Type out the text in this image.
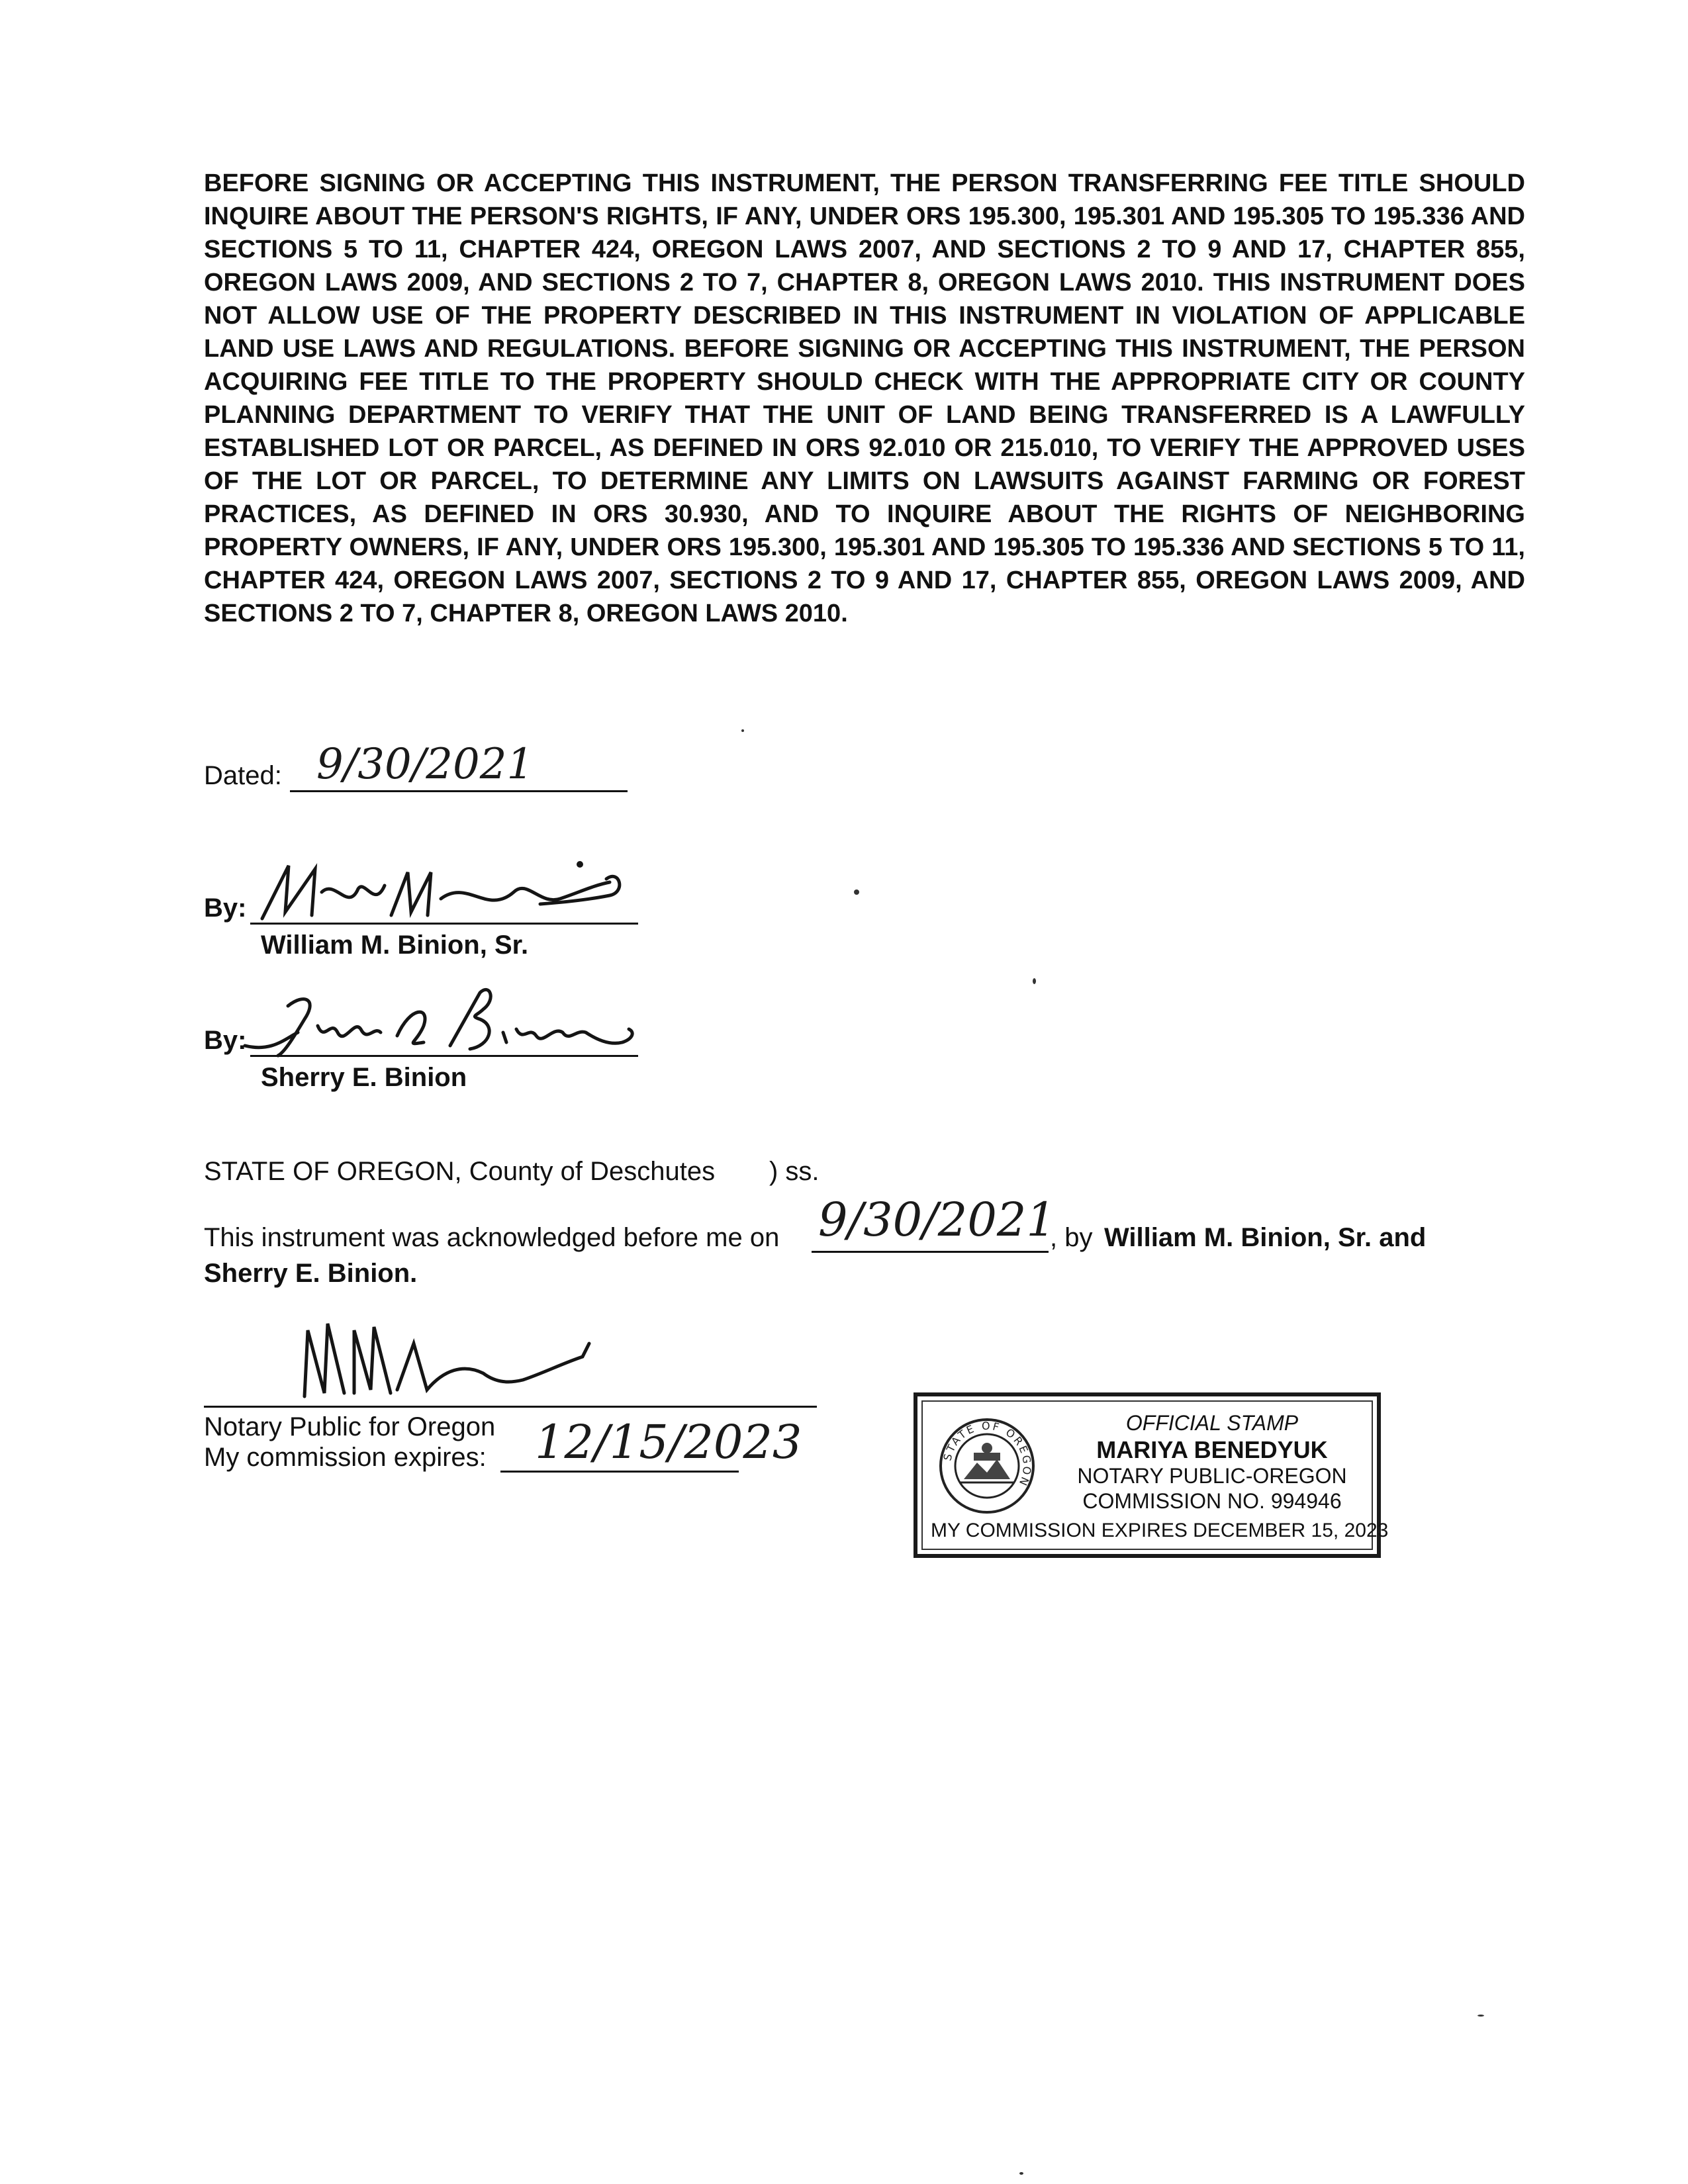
BEFORE SIGNING OR ACCEPTING THIS INSTRUMENT, THE PERSON TRANSFERRING FEE TITLE SHOULD INQUIRE ABOUT THE PERSON'S RIGHTS, IF ANY, UNDER ORS 195.300, 195.301 AND 195.305 TO 195.336 AND SECTIONS 5 TO 11, CHAPTER 424, OREGON LAWS 2007, AND SECTIONS 2 TO 9 AND 17, CHAPTER 855, OREGON LAWS 2009, AND SECTIONS 2 TO 7, CHAPTER 8, OREGON LAWS 2010. THIS INSTRUMENT DOES NOT ALLOW USE OF THE PROPERTY DESCRIBED IN THIS INSTRUMENT IN VIOLATION OF APPLICABLE LAND USE LAWS AND REGULATIONS. BEFORE SIGNING OR ACCEPTING THIS INSTRUMENT, THE PERSON ACQUIRING FEE TITLE TO THE PROPERTY SHOULD CHECK WITH THE APPROPRIATE CITY OR COUNTY PLANNING DEPARTMENT TO VERIFY THAT THE UNIT OF LAND BEING TRANSFERRED IS A LAWFULLY ESTABLISHED LOT OR PARCEL, AS DEFINED IN ORS 92.010 OR 215.010, TO VERIFY THE APPROVED USES OF THE LOT OR PARCEL, TO DETERMINE ANY LIMITS ON LAWSUITS AGAINST FARMING OR FOREST PRACTICES, AS DEFINED IN ORS 30.930, AND TO INQUIRE ABOUT THE RIGHTS OF NEIGHBORING PROPERTY OWNERS, IF ANY, UNDER ORS 195.300, 195.301 AND 195.305 TO 195.336 AND SECTIONS 5 TO 11, CHAPTER 424, OREGON LAWS 2007, SECTIONS 2 TO 9 AND 17, CHAPTER 855, OREGON LAWS 2009, AND SECTIONS 2 TO 7, CHAPTER 8, OREGON LAWS 2010.

Dated: 9/30/2021
By:
William M. Binion, Sr.
By:
Sherry E. Binion
STATE OF OREGON, County of Deschutes ) ss.
This instrument was acknowledged before me on 9/30/2021
, by William M. Binion, Sr. and
Sherry E. Binion.
Notary Public for Oregon
My commission expires: 12/15/2023	STATE OF OREGON
OFFICIAL STAMP
MARIYA BENEDYUK
NOTARY PUBLIC-OREGON
COMMISSION NO. 994946
MY COMMISSION EXPIRES DECEMBER 15, 2023
